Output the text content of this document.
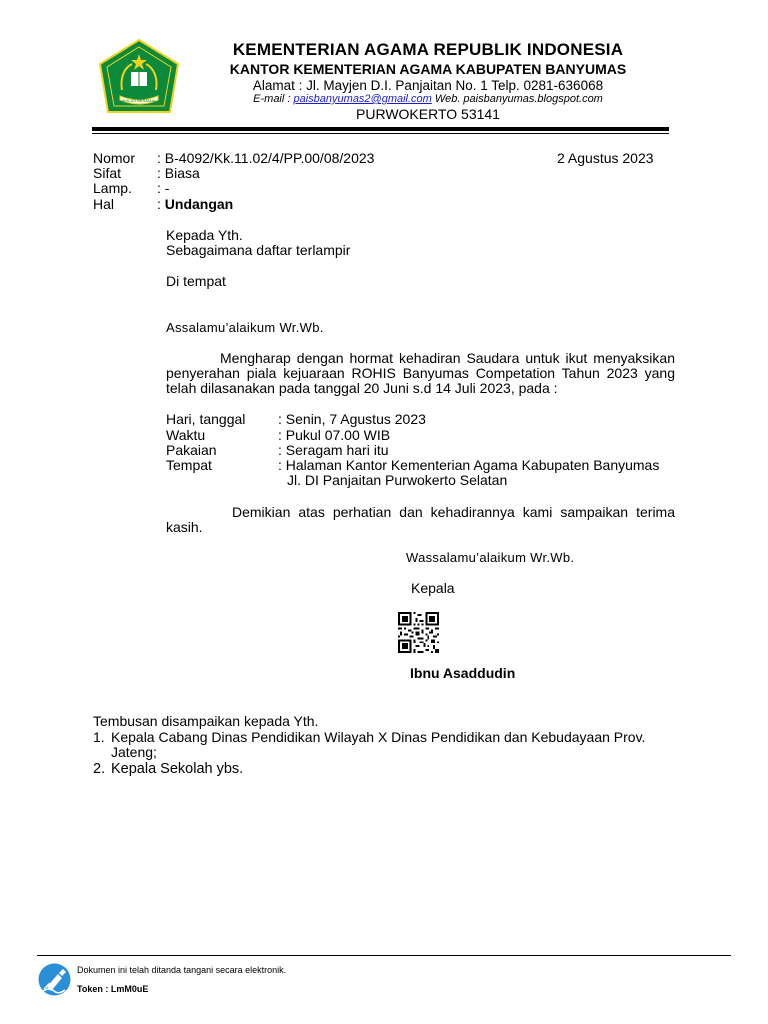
IKHLAS BERAMAL
KEMENTERIAN AGAMA REPUBLIK INDONESIA
KANTOR KEMENTERIAN AGAMA KABUPATEN BANYUMAS
Alamat : Jl. Mayjen D.I. Panjaitan No. 1 Telp. 0281-636068
E-mail : paisbanyumas2@gmail.com Web. paisbanyumas.blogspot.com
PURWOKERTO 53141
Nomor : B-4092/Kk.11.02/4/PP.00/08/2023	2 Agustus 2023
Sifat	: Biasa
Lamp. : -
Hal	: Undangan
Kepada Yth.
Sebagaimana daftar terlampir
Di tempat
Assalamu’alaikum Wr.Wb.
Mengharap dengan hormat kehadiran Saudara untuk ikut menyaksikan penyerahan piala kejuaraan ROHIS Banyumas Competation Tahun 2023 yang telah dilasanakan pada tanggal 20 Juni s.d 14 Juli 2023, pada :
Hari, tanggal : Senin, 7 Agustus 2023
Waktu	: Pukul 07.00 WIB
Pakaian	: Seragam hari itu
Tempat	: Halaman Kantor Kementerian Agama Kabupaten Banyumas
Jl. DI Panjaitan Purwokerto Selatan
Demikian atas perhatian dan kehadirannya kami sampaikan terima kasih.
Wassalamu’alaikum Wr.Wb.
Kepala
Ibnu Asaddudin
Tembusan disampaikan kepada Yth.
1. Kepala Cabang Dinas Pendidikan Wilayah X Dinas Pendidikan dan Kebudayaan Prov.
Jateng;
2. Kepala Sekolah ybs.
Dokumen ini telah ditanda tangani secara elektronik.
Token : LmM0uE
